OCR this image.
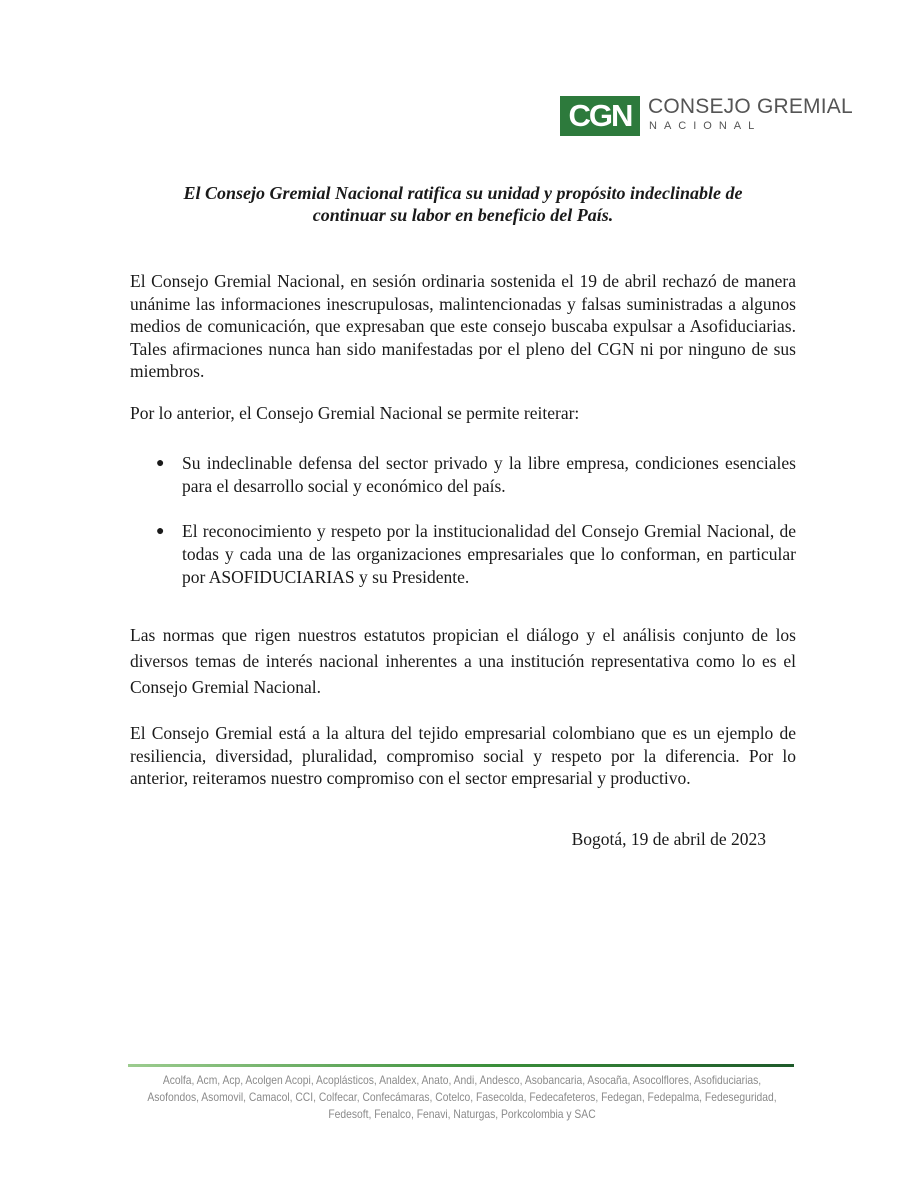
CGN CONSEJO GREMIAL
NACIONAL
El Consejo Gremial Nacional ratifica su unidad y propósito indeclinable de
continuar su labor en beneficio del País.

El Consejo Gremial Nacional, en sesión ordinaria sostenida el 19 de abril rechazó de manera unánime las informaciones inescrupulosas, malintencionadas y falsas suministradas a algunos medios de comunicación, que expresaban que este consejo buscaba expulsar a Asofiduciarias. Tales afirmaciones nunca han sido manifestadas por el pleno del CGN ni por ninguno de sus miembros.

Por lo anterior, el Consejo Gremial Nacional se permite reiterar:

● Su indeclinable defensa del sector privado y la libre empresa, condiciones esenciales para el desarrollo social y económico del país.
● El reconocimiento y respeto por la institucionalidad del Consejo Gremial Nacional, de todas y cada una de las organizaciones empresariales que lo conforman, en particular por ASOFIDUCIARIAS y su Presidente.

Las normas que rigen nuestros estatutos propician el diálogo y el análisis conjunto de los diversos temas de interés nacional inherentes a una institución representativa como lo es el Consejo Gremial Nacional.

El Consejo Gremial está a la altura del tejido empresarial colombiano que es un ejemplo de resiliencia, diversidad, pluralidad, compromiso social y respeto por la diferencia. Por lo anterior, reiteramos nuestro compromiso con el sector empresarial y productivo.

Bogotá, 19 de abril de 2023
Acolfa, Acm, Acp, Acolgen Acopi, Acoplásticos, Analdex, Anato, Andi, Andesco, Asobancaria, Asocaña, Asocolflores, Asofiduciarias,
Asofondos, Asomovil, Camacol, CCI, Colfecar, Confecámaras, Cotelco, Fasecolda, Fedecafeteros, Fedegan, Fedepalma, Fedeseguridad,
Fedesoft, Fenalco, Fenavi, Naturgas, Porkcolombia y SAC
